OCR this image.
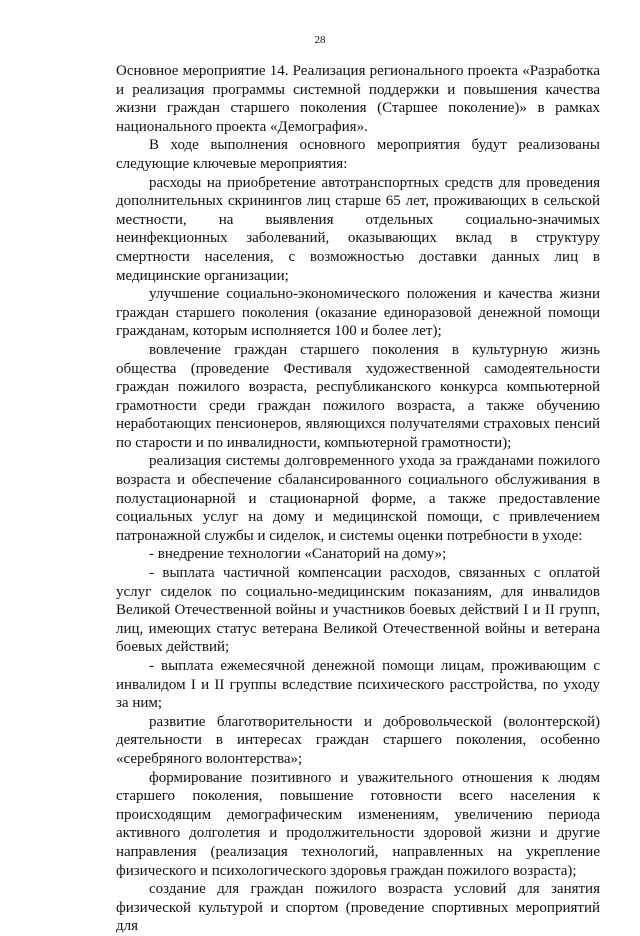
28

Основное мероприятие 14. Реализация регионального проекта «Разработка и реализация программы системной поддержки и повышения качества жизни граждан старшего поколения (Старшее поколение)» в рамках национального проекта «Демография».

В ходе выполнения основного мероприятия будут реализованы следующие ключевые мероприятия:

расходы на приобретение автотранспортных средств для проведения дополнительных скринингов лиц старше 65 лет, проживающих в сельской местности, на выявления отдельных социально-значимых неинфекционных заболеваний, оказывающих вклад в структуру смертности населения, с возможностью доставки данных лиц в медицинские организации;

улучшение социально-экономического положения и качества жизни граждан старшего поколения (оказание единоразовой денежной помощи гражданам, которым исполняется 100 и более лет);

вовлечение граждан старшего поколения в культурную жизнь общества (проведение Фестиваля художественной самодеятельности граждан пожилого возраста, республиканского конкурса компьютерной грамотности среди граждан пожилого возраста, а также обучению неработающих пенсионеров, являющихся получателями страховых пенсий по старости и по инвалидности, компьютерной грамотности);

реализация системы долговременного ухода за гражданами пожилого возраста и обеспечение сбалансированного социального обслуживания в полустационарной и стационарной форме, а также предоставление социальных услуг на дому и медицинской помощи, с привлечением патронажной службы и сиделок, и системы оценки потребности в уходе:

- внедрение технологии «Санаторий на дому»;

- выплата частичной компенсации расходов, связанных с оплатой услуг сиделок по социально-медицинским показаниям, для инвалидов Великой Отечественной войны и участников боевых действий I и II групп, лиц, имеющих статус ветерана Великой Отечественной войны и ветерана боевых действий;

- выплата ежемесячной денежной помощи лицам, проживающим с инвалидом I и II группы вследствие психического расстройства, по уходу за ним;

развитие благотворительности и добровольческой (волонтерской) деятельности в интересах граждан старшего поколения, особенно «серебряного волонтерства»;

формирование позитивного и уважительного отношения к людям старшего поколения, повышение готовности всего населения к происходящим демографическим изменениям, увеличению периода активного долголетия и продолжительности здоровой жизни и другие направления (реализация технологий, направленных на укрепление физического и психологического здоровья граждан пожилого возраста);

создание для граждан пожилого возраста условий для занятия физической культурой и спортом (проведение спортивных мероприятий для
